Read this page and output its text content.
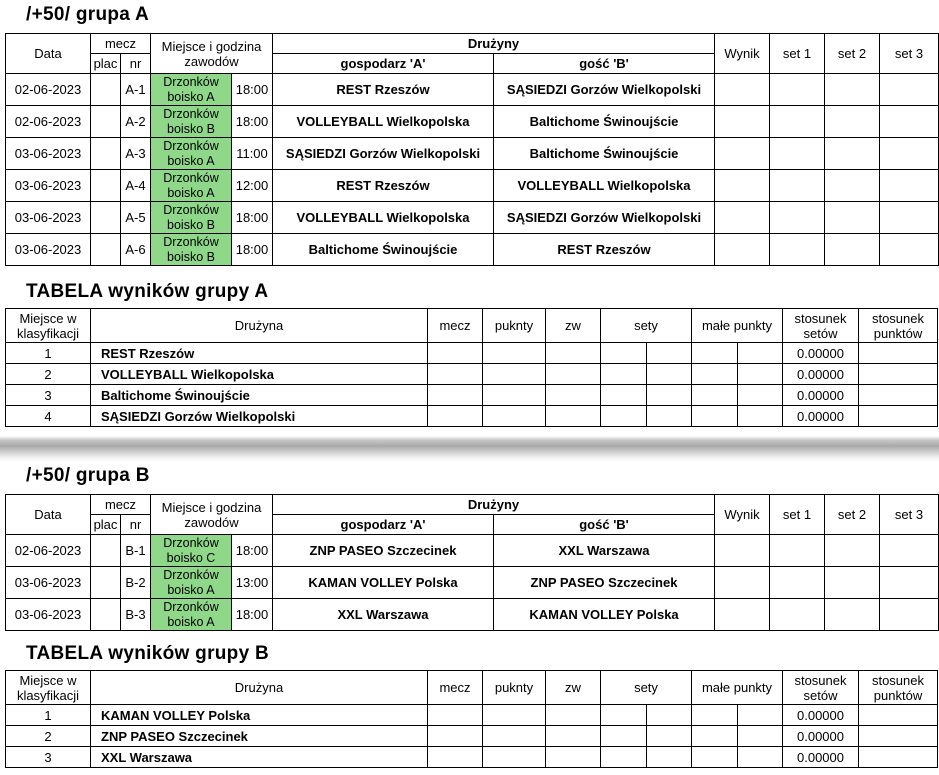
/+50/ grupa A
Data	mecz		Miejsce i godzina zawodów		Drużyny		Wynik	set 1	set 2	set 3
	plac	nr			gospodarz 'A'	gość 'B'				
02-06-2023		A-1	Drzonków boisko A	18:00	REST Rzeszów	SĄSIEDZI Gorzów Wielkopolski				
02-06-2023		A-2	Drzonków boisko B	18:00	VOLLEYBALL Wielkopolska	Baltichome Świnoujście				
03-06-2023		A-3	Drzonków boisko A	11:00	SĄSIEDZI Gorzów Wielkopolski	Baltichome Świnoujście				
03-06-2023		A-4	Drzonków boisko A	12:00	REST Rzeszów	VOLLEYBALL Wielkopolska				
03-06-2023		A-5	Drzonków boisko B	18:00	VOLLEYBALL Wielkopolska	SĄSIEDZI Gorzów Wielkopolski				
03-06-2023		A-6	Drzonków boisko B	18:00	Baltichome Świnoujście	REST Rzeszów				
TABELA wyników grupy A
Miejsce w klasyfikacji	Drużyna	mecz	puknty	zw	sety		małe punkty		stosunek setów	stosunek punktów
1	REST Rzeszów								0.00000	
2	VOLLEYBALL Wielkopolska								0.00000	
3	Baltichome Świnoujście								0.00000	
4	SĄSIEDZI Gorzów Wielkopolski								0.00000	
/+50/ grupa B
Data	mecz		Miejsce i godzina zawodów		Drużyny		Wynik	set 1	set 2	set 3
	plac	nr			gospodarz 'A'	gość 'B'				
02-06-2023		B-1	Drzonków boisko C	18:00	ZNP PASEO Szczecinek	XXL Warszawa				
03-06-2023		B-2	Drzonków boisko A	13:00	KAMAN VOLLEY Polska	ZNP PASEO Szczecinek				
03-06-2023		B-3	Drzonków boisko A	18:00	XXL Warszawa	KAMAN VOLLEY Polska				
TABELA wyników grupy B
Miejsce w klasyfikacji	Drużyna	mecz	puknty	zw	sety		małe punkty		stosunek setów	stosunek punktów
1	KAMAN VOLLEY Polska								0.00000	
2	ZNP PASEO Szczecinek								0.00000	
3	XXL Warszawa								0.00000	
